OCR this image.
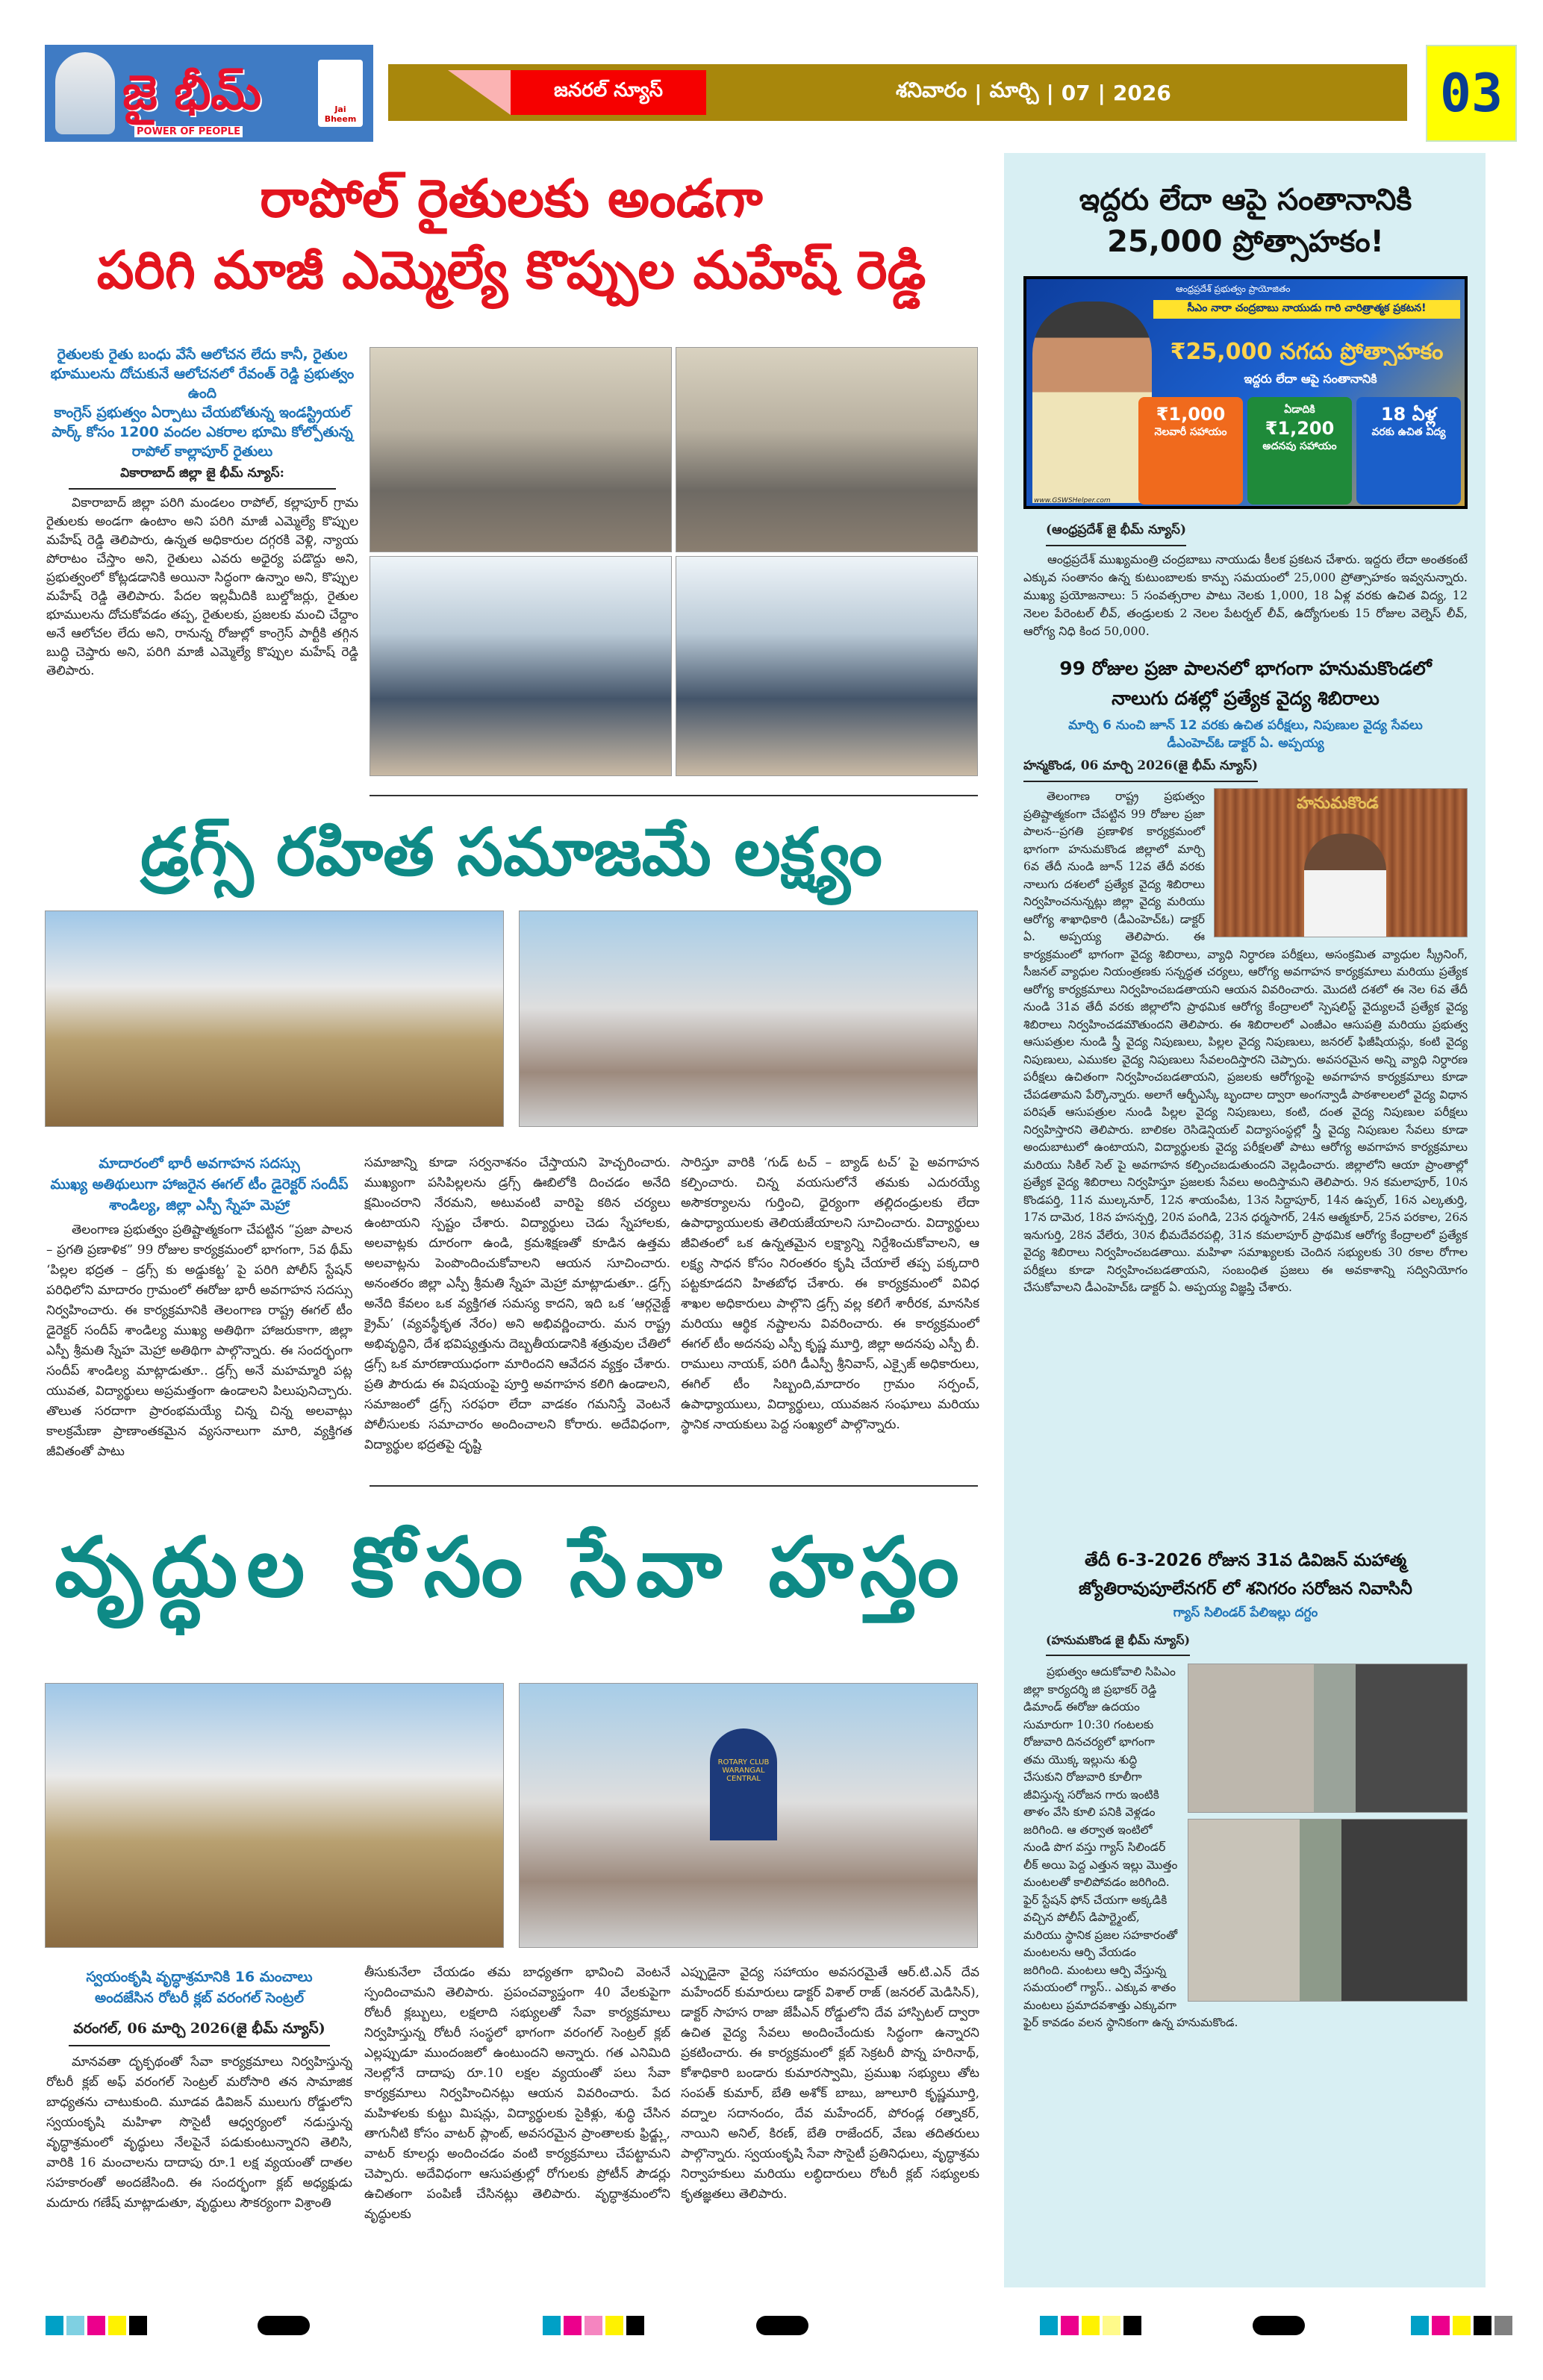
జై భీమ్
POWER OF PEOPLE
Jai Bheem
జనరల్ న్యూస్	శనివారం | మార్చి | 07 | 2026	03
రాపోల్ రైతులకు అండగా
పరిగి మాజీ ఎమ్మెల్యే కొప్పుల మహేష్ రెడ్డి
రైతులకు రైతు బంధు వేసే ఆలోచన లేదు కానీ, రైతుల భూములను దోచుకునే ఆలోచనలో రేవంత్ రెడ్డి ప్రభుత్వం ఉంది
కాంగ్రెస్ ప్రభుత్వం ఏర్పాటు చేయబోతున్న ఇండస్ట్రియల్ పార్క్ కోసం 1200 వందల ఎకరాల భూమి కోల్పోతున్న రాపోల్ కాల్లాపూర్ రైతులు
వికారాబాద్ జిల్లా జై భీమ్ న్యూస్:

వికారాబాద్ జిల్లా పరిగి మండలం రాపోల్, కల్లాపూర్ గ్రామ రైతులకు అండగా ఉంటాం అని పరిగి మాజీ ఎమ్మెల్యే కొప్పుల మహేష్ రెడ్డి తెలిపారు, ఉన్నత అధికారుల దగ్గరకి వెళ్లి, న్యాయ పోరాటం చేస్తాం అని, రైతులు ఎవరు అధైర్య పడొద్దు అని, ప్రభుత్వంలో కోట్లడడానికి అయినా సిద్ధంగా ఉన్నాం అని, కొప్పుల మహేష్ రెడ్డి తెలిపారు. పేదల ఇల్లమీదికి బుల్డోజర్లు, రైతుల భూములను దోచుకోవడం తప్ప, రైతులకు, ప్రజలకు మంచి చేద్దాం అనే ఆలోచల లేదు అని, రానున్న రోజుల్లో కాంగ్రెస్ పార్టీకి తగ్గిన బుద్ధి చెప్తారు అని, పరిగి మాజీ ఎమ్మెల్యే కొప్పుల మహేష్ రెడ్డి తెలిపారు.

డ్రగ్స్ రహిత సమాజమే లక్ష్యం
మాదారంలో భారీ అవగాహన సదస్సు
ముఖ్య అతిథులుగా హాజరైన ఈగల్ టీం డైరెక్టర్ సందీప్ శాండిల్య, జిల్లా ఎస్పీ స్నేహ మెహ్రా

తెలంగాణ ప్రభుత్వం ప్రతిష్టాత్మకంగా చేపట్టిన “ప్రజా పాలన – ప్రగతి ప్రణాళిక” 99 రోజుల కార్యక్రమంలో భాగంగా, 5వ థీమ్ ‘పిల్లల భద్రత – డ్రగ్స్ కు అడ్డుకట్ట’ పై పరిగి పోలీస్ స్టేషన్ పరిధిలోని మాదారం గ్రామంలో ఈరోజు భారీ అవగాహన సదస్సు నిర్వహించారు. ఈ కార్యక్రమానికి తెలంగాణ రాష్ట్ర ఈగల్ టీం డైరెక్టర్ సందీప్ శాండిల్య ముఖ్య అతిథిగా హాజరుకాగా, జిల్లా ఎస్పీ శ్రీమతి స్నేహ మెహ్రా అతిథిగా పాల్గొన్నారు. ఈ సందర్భంగా సందీప్ శాండిల్య మాట్లాడుతూ.. డ్రగ్స్ అనే మహమ్మారి పట్ల యువత, విద్యార్థులు అప్రమత్తంగా ఉండాలని పిలుపునిచ్చారు. తొలుత సరదాగా ప్రారంభమయ్యే చిన్న చిన్న అలవాట్లు కాలక్రమేణా ప్రాణాంతకమైన వ్యసనాలుగా మారి, వ్యక్తిగత జీవితంతో పాటు

సమాజాన్ని కూడా సర్వనాశనం చేస్తాయని హెచ్చరించారు. ముఖ్యంగా పసిపిల్లలను డ్రగ్స్ ఊబిలోకి దించడం అనేది క్షమించరాని నేరమని, అటువంటి వారిపై కఠిన చర్యలు ఉంటాయని స్పష్టం చేశారు. విద్యార్థులు చెడు స్నేహాలకు, అలవాట్లకు దూరంగా ఉండి, క్రమశిక్షణతో కూడిన ఉత్తమ అలవాట్లను పెంపొందించుకోవాలని ఆయన సూచించారు. అనంతరం జిల్లా ఎస్పీ శ్రీమతి స్నేహ మెహ్రా మాట్లాడుతూ.. డ్రగ్స్ అనేది కేవలం ఒక వ్యక్తిగత సమస్య కాదని, ఇది ఒక ‘ఆర్గనైజ్డ్ క్రైమ్’ (వ్యవస్థీకృత నేరం) అని అభివర్ణించారు. మన రాష్ట్ర అభివృద్ధిని, దేశ భవిష్యత్తును దెబ్బతీయడానికి శత్రువుల చేతిలో డ్రగ్స్ ఒక మారణాయుధంగా మారిందని ఆవేదన వ్యక్తం చేశారు. ప్రతి పౌరుడు ఈ విషయంపై పూర్తి అవగాహన కలిగి ఉండాలని, సమాజంలో డ్రగ్స్ సరఫరా లేదా వాడకం గమనిస్తే వెంటనే పోలీసులకు సమాచారం అందించాలని కోరారు. అదేవిధంగా, విద్యార్థుల భద్రతపై దృష్టి
సారిస్తూ వారికి ‘గుడ్ టచ్ – బ్యాడ్ టచ్’ పై అవగాహన కల్పించారు. చిన్న వయసులోనే తమకు ఎదురయ్యే అసౌకర్యాలను గుర్తించి, ధైర్యంగా తల్లిదండ్రులకు లేదా ఉపాధ్యాయులకు తెలియజేయాలని సూచించారు. విద్యార్థులు జీవితంలో ఒక ఉన్నతమైన లక్ష్యాన్ని నిర్దేశించుకోవాలని, ఆ లక్ష్య సాధన కోసం నిరంతరం కృషి చేయాలే తప్ప పక్కదారి పట్టకూడదని హితబోధ చేశారు. ఈ కార్యక్రమంలో వివిధ శాఖల అధికారులు పాల్గొని డ్రగ్స్ వల్ల కలిగే శారీరక, మానసిక మరియు ఆర్థిక నష్టాలను వివరించారు. ఈ కార్యక్రమంలో ఈగల్ టీం అదనపు ఎస్పీ కృష్ణ మూర్తి, జిల్లా అదనపు ఎస్పీ బీ. రాములు నాయక్, పరిగి డీఎస్పీ శ్రీనివాస్, ఎక్సైజ్ అధికారులు, ఈగిల్ టీం సిబ్బంది,మాదారం గ్రామం సర్పంచ్, ఉపాధ్యాయులు, విద్యార్థులు, యువజన సంఘాలు మరియు స్థానిక నాయకులు పెద్ద సంఖ్యలో పాల్గొన్నారు.
వృద్ధుల కోసం సేవా హస్తం
ROTARY CLUB WARANGAL CENTRAL
స్వయంకృషి వృద్ధాశ్రమానికి 16 మంచాలు
అందజేసిన రోటరీ క్లబ్ వరంగల్ సెంట్రల్
వరంగల్, 06 మార్చి 2026(జై భీమ్ న్యూస్)

మానవతా దృక్పథంతో సేవా కార్యక్రమాలు నిర్వహిస్తున్న రోటరీ క్లబ్ అఫ్ వరంగల్ సెంట్రల్ మరోసారి తన సామాజిక బాధ్యతను చాటుకుంది. మూడవ డివిజన్ ములుగు రోడ్డులోని స్వయంకృషి మహిళా సొసైటీ ఆధ్వర్యంలో నడుస్తున్న వృద్ధాశ్రమంలో వృద్ధులు నేలపైనే పడుకుంటున్నారని తెలిసి, వారికి 16 మంచాలను దాదాపు రూ.1 లక్ష వ్యయంతో దాతల సహకారంతో అందజేసింది. ఈ సందర్భంగా క్లబ్ అధ్యక్షుడు మదూరు గణేష్ మాట్లాడుతూ, వృద్ధులు సౌకర్యంగా విశ్రాంతి

తీసుకునేలా చేయడం తమ బాధ్యతగా భావించి వెంటనే స్పందించామని తెలిపారు. ప్రపంచవ్యాప్తంగా 40 వేలకుపైగా రోటరీ క్లబ్బులు, లక్షలాది సభ్యులతో సేవా కార్యక్రమాలు నిర్వహిస్తున్న రోటరీ సంస్థలో భాగంగా వరంగల్ సెంట్రల్ క్లబ్ ఎల్లప్పుడూ ముందంజలో ఉంటుందని అన్నారు. గత ఎనిమిది నెలల్లోనే దాదాపు రూ.10 లక్షల వ్యయంతో పలు సేవా కార్యక్రమాలు నిర్వహించినట్లు ఆయన వివరించారు. పేద మహిళలకు కుట్టు మిషన్లు, విద్యార్థులకు సైకిళ్లు, శుద్ధి చేసిన తాగునీటి కోసం వాటర్ ప్లాంట్, అవసరమైన ప్రాంతాలకు ఫ్రిడ్జ్లు, వాటర్ కూలర్లు అందించడం వంటి కార్యక్రమాలు చేపట్టామని చెప్పారు. అదేవిధంగా ఆసుపత్రుల్లో రోగులకు ప్రోటీన్ పౌడర్లు ఉచితంగా పంపిణీ చేసినట్లు తెలిపారు. వృద్ధాశ్రమంలోని వృద్ధులకు
ఎప్పుడైనా వైద్య సహాయం అవసరమైతే ఆర్.టి.ఎన్ దేవ మహేందర్ కుమారులు డాక్టర్ విశాల్ రాజ్ (జనరల్ మెడిసిన్), డాక్టర్ సాహస రాజా జేపీఎన్ రోడ్డులోని దేవ హాస్పిటల్ ద్వారా ఉచిత వైద్య సేవలు అందించేందుకు సిద్ధంగా ఉన్నారని ప్రకటించారు. ఈ కార్యక్రమంలో క్లబ్ సెక్రటరీ పొన్న హరినాథ్, కోశాధికారి బండారు కుమారస్వామి, ప్రముఖ సభ్యులు తోట సంపత్ కుమార్, బేతి అశోక్ బాబు, జూలూరి కృష్ణమూర్తి, వద్నాల సదానందం, దేవ మహేందర్, పోరండ్ల రత్నాకర్, నాయిని అనిల్, కిరణ్, బేతి రాజేందర్, వేణు తదితరులు పాల్గొన్నారు. స్వయంకృషి సేవా సొసైటీ ప్రతినిధులు, వృద్ధాశ్రమ నిర్వాహకులు మరియు లబ్ధిదారులు రోటరీ క్లబ్ సభ్యులకు కృతజ్ఞతలు తెలిపారు.
ఇద్దరు లేదా ఆపై సంతానానికి
25,000 ప్రోత్సాహకం!
ఆంధ్రప్రదేశ్ ప్రభుత్వం ప్రాయోజితం
సీఎం నారా చంద్రబాబు నాయుడు గారి చారిత్రాత్మక ప్రకటన!
₹25,000 నగదు ప్రోత్సాహకం
ఇద్దరు లేదా ఆపై సంతానానికి
₹1,000
నెలవారీ సహాయం
ఏడాదికి
₹1,200
అదనపు సహాయం
18 ఏళ్ల
వరకు ఉచిత విద్య
www.GSWSHelper.com
(ఆంధ్రప్రదేశ్ జై భీమ్ న్యూస్)

ఆంధ్రప్రదేశ్ ముఖ్యమంత్రి చంద్రబాబు నాయుడు కీలక ప్రకటన చేశారు. ఇద్దరు లేదా అంతకంటే ఎక్కువ సంతానం ఉన్న కుటుంబాలకు కాన్పు సమయంలో 25,000 ప్రోత్సాహకం ఇవ్వనున్నారు. ముఖ్య ప్రయోజనాలు: 5 సంవత్సరాల పాటు నెలకు 1,000, 18 ఏళ్ల వరకు ఉచిత విద్య, 12 నెలల పేరెంటల్ లీవ్, తండ్రులకు 2 నెలల పేటర్నల్ లీవ్, ఉద్యోగులకు 15 రోజుల వెల్నెస్ లీవ్, ఆరోగ్య నిధి కింద 50,000.

99 రోజుల ప్రజా పాలనలో భాగంగా హనుమకొండలో
నాలుగు దశల్లో ప్రత్యేక వైద్య శిబిరాలు
మార్చి 6 నుంచి జూన్ 12 వరకు ఉచిత పరీక్షలు, నిపుణుల వైద్య సేవలు
డీఎంహెచ్ఓ డాక్టర్ ఏ. అప్పయ్య
హన్మకొండ, 06 మార్చి 2026(జై భీమ్ న్యూస్)
హనుమకొండ

తెలంగాణ రాష్ట్ర ప్రభుత్వం ప్రతిష్టాత్మకంగా చేపట్టిన 99 రోజుల ప్రజా పాలన--ప్రగతి ప్రణాళిక కార్యక్రమంలో భాగంగా హనుమకొండ జిల్లాలో మార్చి 6వ తేదీ నుండి జూన్ 12వ తేదీ వరకు నాలుగు దశలలో ప్రత్యేక వైద్య శిబిరాలు నిర్వహించనున్నట్లు జిల్లా వైద్య మరియు ఆరోగ్య శాఖాధికారి (డీఎంహెచ్ఓ) డాక్టర్ ఏ. అప్పయ్య తెలిపారు. ఈ కార్యక్రమంలో భాగంగా వైద్య శిబిరాలు, వ్యాధి నిర్ధారణ పరీక్షలు, అసంక్రమిత వ్యాధుల స్క్రీనింగ్, సీజనల్ వ్యాధుల నియంత్రణకు సన్నద్ధత చర్యలు, ఆరోగ్య అవగాహన కార్యక్రమాలు మరియు ప్రత్యేక ఆరోగ్య కార్యక్రమాలు నిర్వహించబడతాయని ఆయన వివరించారు. మొదటి దశలో ఈ నెల 6వ తేదీ నుండి 31వ తేదీ వరకు జిల్లాలోని ప్రాథమిక ఆరోగ్య కేంద్రాలలో స్పెషలిస్ట్ వైద్యులచే ప్రత్యేక వైద్య శిబిరాలు నిర్వహించడమౌతుందని తెలిపారు. ఈ శిబిరాలలో ఎంజీఎం ఆసుపత్రి మరియు ప్రభుత్వ ఆసుపత్రుల నుండి స్త్రీ వైద్య నిపుణులు, పిల్లల వైద్య నిపుణులు, జనరల్ ఫిజీషియన్లు, కంటి వైద్య నిపుణులు, ఎముకల వైద్య నిపుణులు సేవలందిస్తారని చెప్పారు. అవసరమైన అన్ని వ్యాధి నిర్ధారణ పరీక్షలు ఉచితంగా నిర్వహించబడతాయని, ప్రజలకు ఆరోగ్యంపై అవగాహన కార్యక్రమాలు కూడా చేపడతామని పేర్కొన్నారు. అలాగే ఆర్బీఎస్కే బృందాల ద్వారా అంగన్వాడీ పాఠశాలలలో వైద్య విధాన పరిషత్ ఆసుపత్రుల నుండి పిల్లల వైద్య నిపుణులు, కంటి, దంత వైద్య నిపుణుల పరీక్షలు నిర్వహిస్తారని తెలిపారు. బాలికల రెసిడెన్షియల్ విద్యాసంస్థల్లో స్త్రీ వైద్య నిపుణుల సేవలు కూడా అందుబాటులో ఉంటాయని, విద్యార్థులకు వైద్య పరీక్షలతో పాటు ఆరోగ్య అవగాహన కార్యక్రమాలు మరియు సికిల్ సెల్ పై అవగాహన కల్పించబడుతుందని వెల్లడించారు. జిల్లాలోని ఆయా ప్రాంతాల్లో ప్రత్యేక వైద్య శిబిరాలు నిర్వహిస్తూ ప్రజలకు సేవలు అందిస్తామని తెలిపారు. 9న కమలాపూర్, 10న కొండపర్తి, 11న ముల్కనూర్, 12న శాయంపేట, 13న సిద్దాపూర్, 14న ఉప్పల్, 16న ఎల్కతుర్తి, 17న దామెర, 18న హసన్పర్తి, 20న పంగిడి, 23న ధర్మసాగర్, 24న ఆత్మకూర్, 25న పరకాల, 26న ఇనుగుర్తి, 28న వేలేరు, 30న భీమదేవరపల్లి, 31న కమలాపూర్ ప్రాథమిక ఆరోగ్య కేంద్రాలలో ప్రత్యేక వైద్య శిబిరాలు నిర్వహించబడతాయి. మహిళా సమాఖ్యలకు చెందిన సభ్యులకు 30 రకాల రోగాల పరీక్షలు కూడా నిర్వహించబడతాయని, సంబంధిత ప్రజలు ఈ అవకాశాన్ని సద్వినియోగం చేసుకోవాలని డీఎంహెచ్ఓ డాక్టర్ ఏ. అప్పయ్య విజ్ఞప్తి చేశారు.

తేదీ 6-3-2026 రోజున 31వ డివిజన్ మహాత్మ
జ్యోతిరావుపూలేనగర్ లో శనిగరం సరోజన నివాసినీ
గ్యాస్ సిలిండర్ పేలిఇల్లు దగ్దం
(హనుమకొండ జై భీమ్ న్యూస్)

ప్రభుత్వం ఆదుకోవాలి సిపిఎం జిల్లా కార్యదర్శి జి ప్రభాకర్ రెడ్డి డిమాండ్ ఈరోజు ఉదయం సుమారుగా 10:30 గంటలకు రోజువారి దినచర్యలో భాగంగా తమ యొక్క ఇల్లును శుద్ధి చేసుకుని రోజువారి కూలీగా జీవిస్తున్న సరోజన గారు ఇంటికి తాళం వేసి కూలి పనికి వెళ్లడం జరిగింది. ఆ తర్వాత ఇంటిలో నుండి పొగ వస్తు గ్యాస్ సిలిండర్ లీక్ అయి పెద్ద ఎత్తున ఇల్లు మొత్తం మంటలతో కాలిపోవడం జరిగింది. ఫైర్ స్టేషన్ ఫోన్ చేయగా అక్కడికి వచ్చిన పోలీస్ డిపార్ట్మెంట్, మరియు స్థానిక ప్రజల సహకారంతో మంటలను ఆర్పి వేయడం జరిగింది. మంటలు ఆర్పి వేస్తున్న సమయంలో గ్యాస్.. ఎక్కువ శాతం మంటలు ప్రమాదవశాత్తు ఎక్కువగా ఫైర్ కావడం వలన స్థానికంగా ఉన్న హనుమకొండ.
